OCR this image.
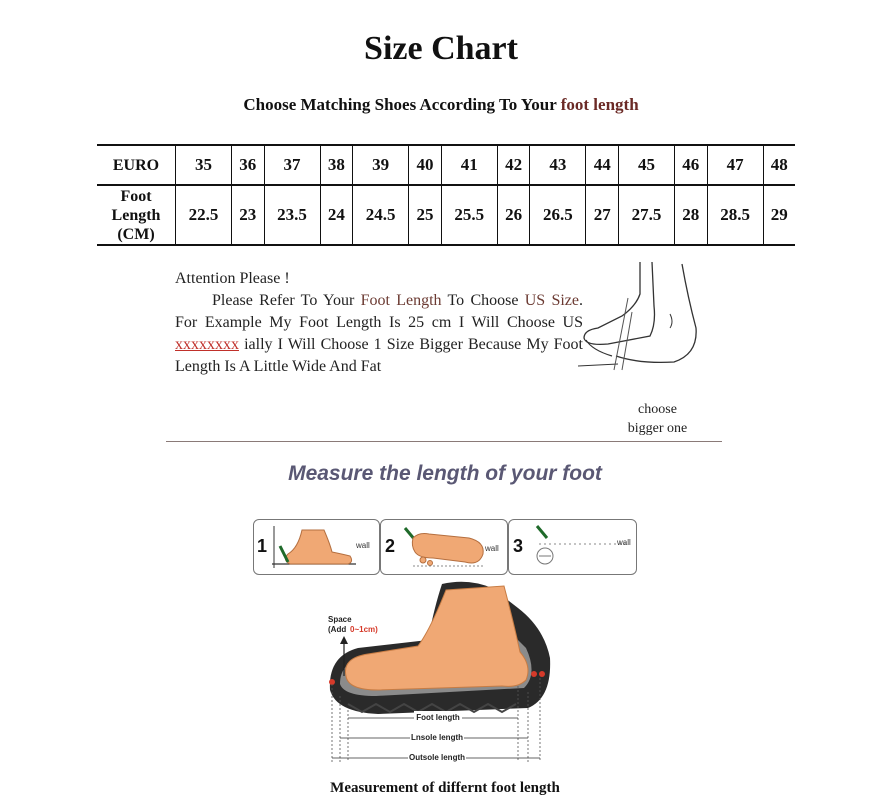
Size Chart
Choose Matching Shoes According To Your foot length
EURO	35	36	37	38	39	40	41	42	43	44	45	46	47	48
Foot
Length
(CM)	22.5	23	23.5	24	24.5	25	25.5	26	26.5	27	27.5	28	28.5	29
Attention Please !
Please Refer To Your Foot Length To Choose US Size. For Example My Foot Length Is 25 cm I Will Choose US xxxxxxxx ially I Will Choose 1 Size Bigger Because My Foot Length Is A Little Wide And Fat
choose
bigger one
Measure the length of your foot
1	wall 2	wall 3	wall
Space
(Add 0~1cm)
Foot length
Lnsole length
Outsole length
Measurement of differnt foot length
